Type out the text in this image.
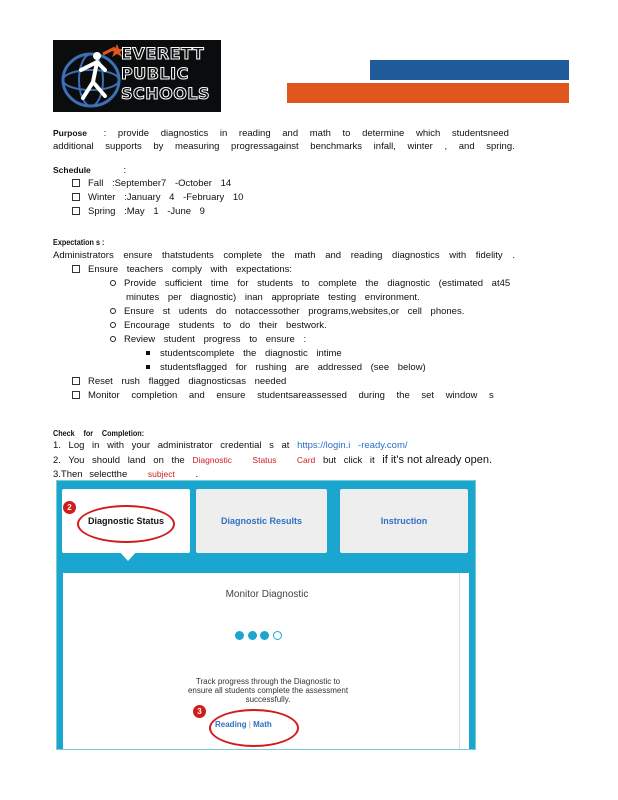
EVERETT
PUBLIC
SCHOOLS
Purpose : provide diagnostics in reading and math to determine which studentsneed
additional supports by measuring progressagainst benchmarks infall, winter , and spring.
Schedule	:
Fall :September7 -October 14
Winter :January 4 -February 10
Spring :May 1 -June 9
Expectation s :
Administrators ensure thatstudents complete the math and reading diagnostics with fidelity .
Ensure teachers comply with expectations:
Provide sufficient time for students to complete the diagnostic (estimated at45
minutes per diagnostic) inan appropriate testing environment.
Ensure st udents do notaccessother programs,websites,or cell phones.
Encourage students to do their bestwork.
Review student progress to ensure :
studentscomplete the diagnostic intime
studentsflagged for rushing are addressed (see below)
Reset rush flagged diagnosticsas needed
Monitor completion and ensure studentsareassessed during the set window s
Check for Completion:
1. Log in with your administrator credential s at https://login.i -ready.com/
2. You should land on the Diagnostic Status Card but click it if it's not already open.
3.Then selectthe subject .
Diagnostic Status	Diagnostic Results	Instruction
Monitor Diagnostic

Track progress through the Diagnostic to ensure all students complete the assessment successfully.
Reading | Math
2
3
